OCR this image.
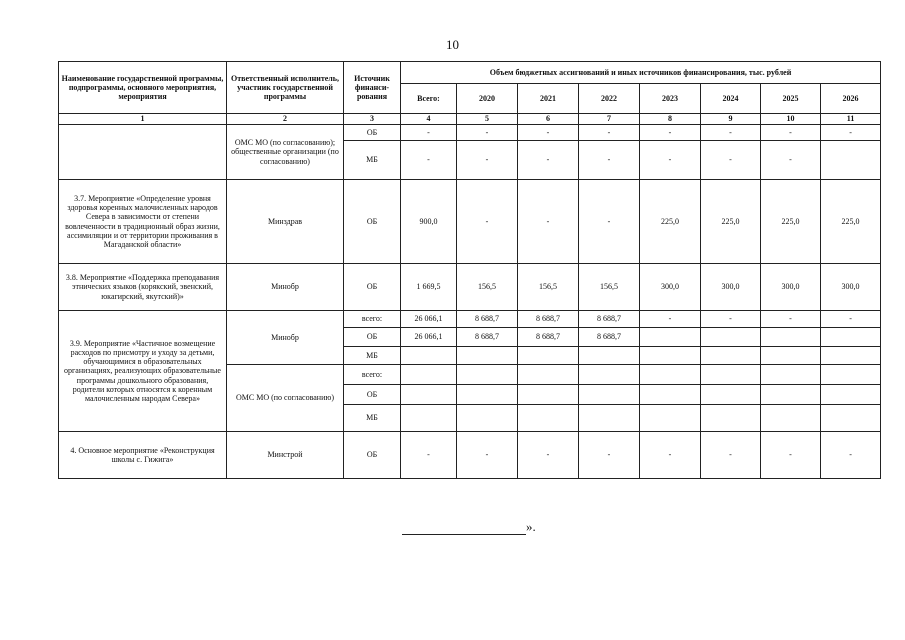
10
Наименование государственной программы, подпрограммы, основного мероприятия, мероприятия	Ответственный исполнитель, участник государственной программы	Источник финанси-рования	Объем бюджетных ассигнований и иных источников финансирования, тыс. рублей							
			Всего:	2020	2021	2022	2023	2024	2025	2026
1	2	3	4	5	6	7	8	9	10	11
	ОМС МО (по согласованию); общественные организации (по согласованию)	ОБ	-	-	-	-	-	-	-	-
		МБ	-	-	-	-	-	-	-	
3.7. Мероприятие «Определение уровня здоровья коренных малочисленных народов Севера в зависимости от степени вовлеченности в традиционный образ жизни, ассимиляции и от территории проживания в Магаданской области»	Минздрав	ОБ	900,0	-	-	-	225,0	225,0	225,0	225,0
3.8. Мероприятие «Поддержка преподавания этнических языков (корякский, эвенский, юкагирский, якутский)»	Минобр	ОБ	1 669,5	156,5	156,5	156,5	300,0	300,0	300,0	300,0
3.9. Мероприятие «Частичное возмещение расходов по присмотру и уходу за детьми, обучающимися в образовательных организациях, реализующих образовательные программы дошкольного образования, родители которых относятся к коренным малочисленным народам Севера»	Минобр	всего:	26 066,1	8 688,7	8 688,7	8 688,7	-	-	-	-
		ОБ	26 066,1	8 688,7	8 688,7	8 688,7				
		МБ								
	ОМС МО (по согласованию)	всего:								
		ОБ								
		МБ								
4. Основное мероприятие «Реконструкция школы с. Гижига»	Минстрой	ОБ	-	-	-	-	-	-	-	-
».
